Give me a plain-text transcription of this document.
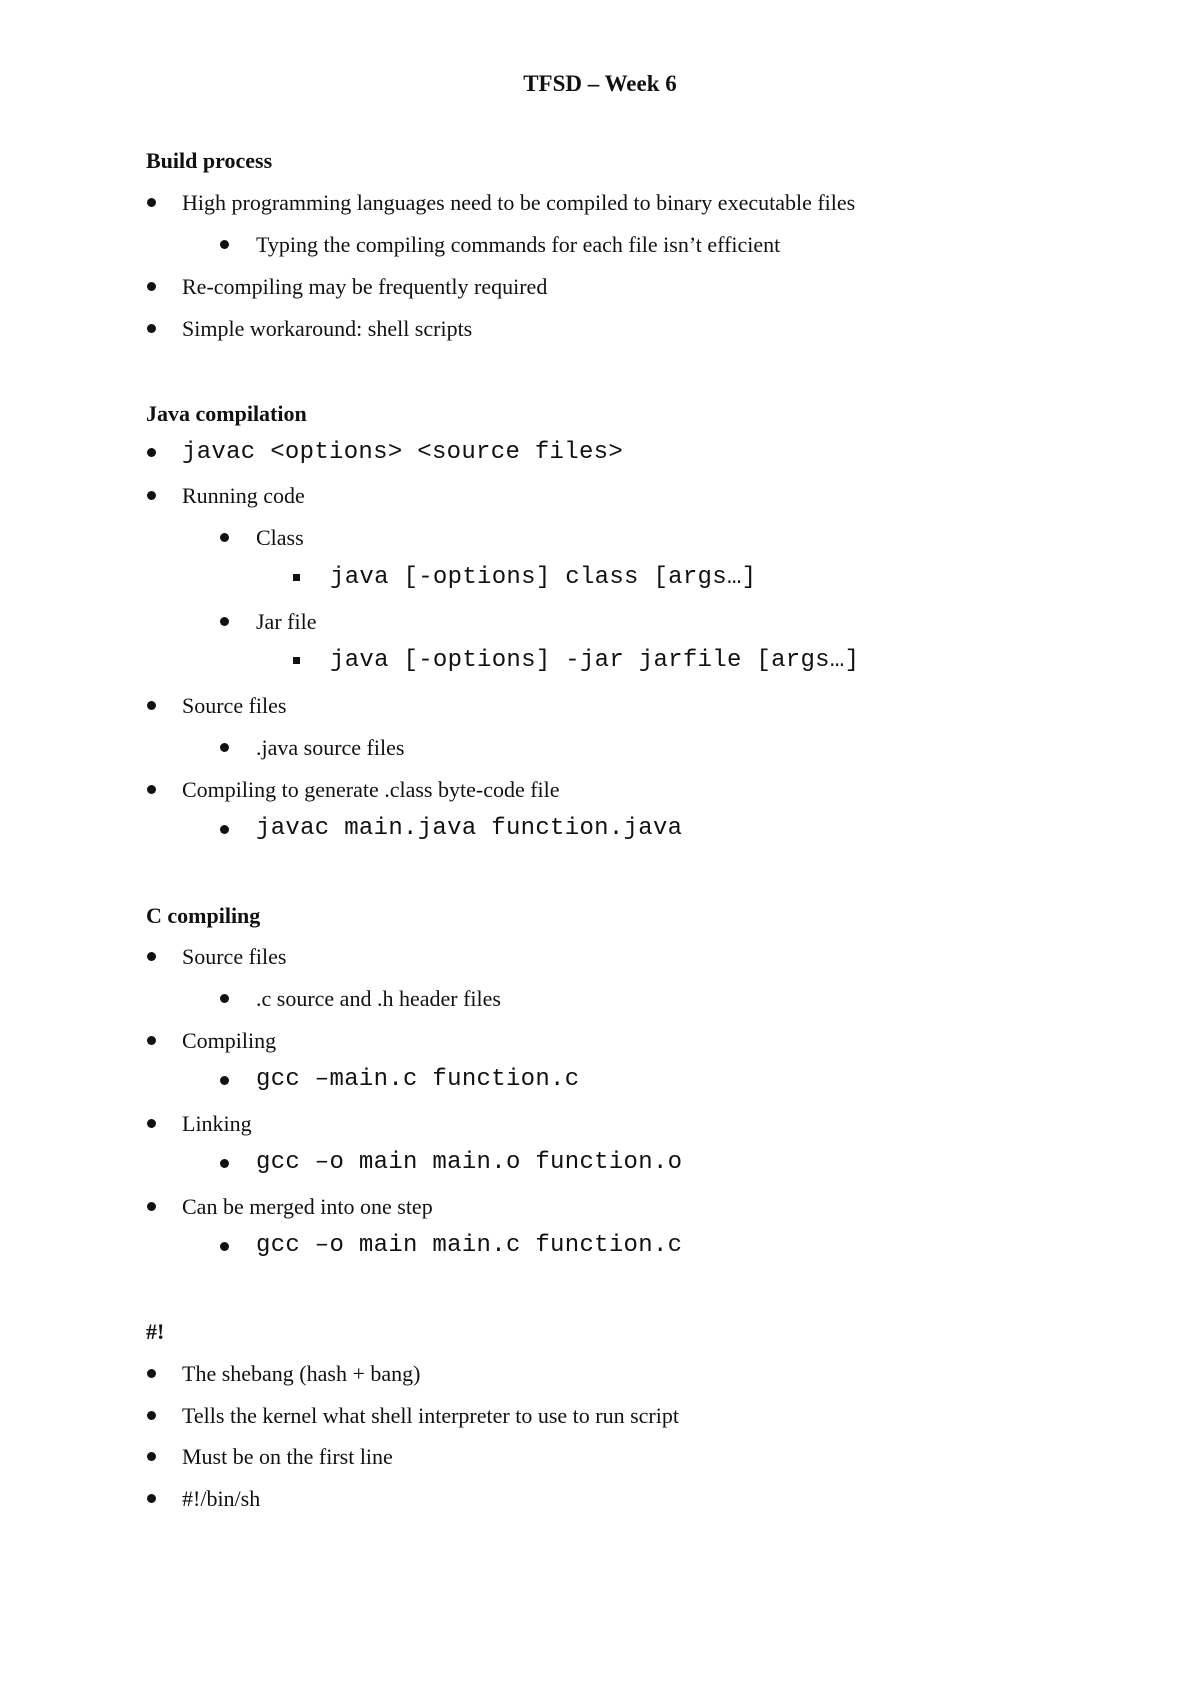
TFSD – Week 6
Build process
High programming languages need to be compiled to binary executable files
Typing the compiling commands for each file isn’t efficient
Re-compiling may be frequently required
Simple workaround: shell scripts
Java compilation
javac <options> <source files>
Running code
Class
java [-options] class [args…]
Jar file
java [-options] -jar jarfile [args…]
Source files
.java source files
Compiling to generate .class byte-code file
javac main.java function.java
C compiling
Source files
.c source and .h header files
Compiling
gcc –main.c function.c
Linking
gcc –o main main.o function.o
Can be merged into one step
gcc –o main main.c function.c
#!
The shebang (hash + bang)
Tells the kernel what shell interpreter to use to run script
Must be on the first line
#!/bin/sh
